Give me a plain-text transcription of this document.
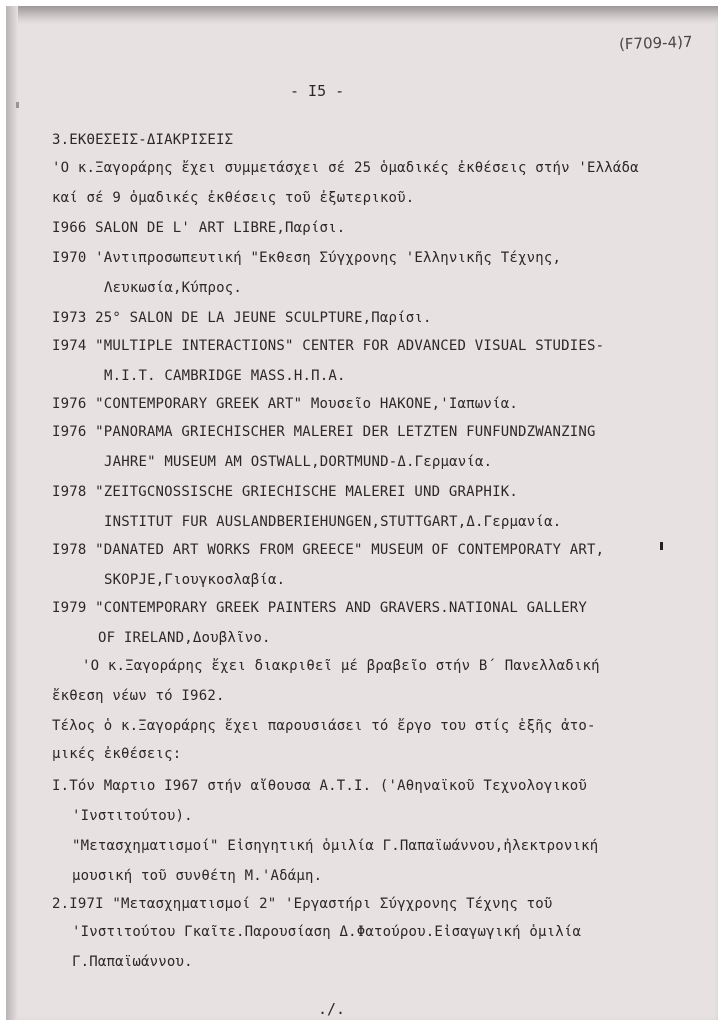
(F709-4)7
- I5 -
3.ΕΚΘΕΣΕΙΣ-ΔΙΑΚΡΙΣΕΙΣ
'Ο κ.Ξαγοράρης ἔχει συμμετάσχει σέ 25 ὁμαδικές ἐκθέσεις στήν 'Ελλάδα
καί σέ 9 ὁμαδικές ἐκθέσεις τοῦ ἐξωτερικοῦ.
I966 SALON DE L' ART LIBRE,Παρίσι.
I970 'Αντιπροσωπευτική "Εκθεση Σύγχρονης 'Ελληνικῆς Τέχνης,
Λευκωσία,Κύπρος.
I973 25° SALON DE LA JEUNE SCULPTURE,Παρίσι.
I974 "MULTIPLE INTERACTIONS" CENTER FOR ADVANCED VISUAL STUDIES-
M.I.T. CAMBRIDGE MASS.Η.Π.Α.
I976 "CONTEMPORARY GREEK ART" Μουσεῖο HAKONE,'Ιαπωνία.
I976 "PANORAMA GRIECHISCHER MALEREI DER LETZTEN FUNFUNDZWANZING
JAHRE" MUSEUM AM OSTWALL,DORTMUND-Δ.Γερμανία.
I978 "ZEITGCNOSSISCHE GRIECHISCHE MALEREI UND GRAPHIK.
INSTITUT FUR AUSLANDBERIEHUNGEN,STUTTGART,Δ.Γερμανία.
I978 "DANATED ART WORKS FROM GREECE" MUSEUM OF CONTEMPORATY ART,
SKOPJE,Γιουγκοσλαβία.
I979 "CONTEMPORARY GREEK PAINTERS AND GRAVERS.NATIONAL GALLERY
OF IRELAND,Δουβλῖνο.
'Ο κ.Ξαγοράρης ἔχει διακριθεῖ μέ βραβεῖο στήν Β΄ Πανελλαδική
ἔκθεση νέων τό I962.
Τέλος ὁ κ.Ξαγοράρης ἔχει παρουσιάσει τό ἔργο του στίς ἑξῆς ἀτο-
μικές ἐκθέσεις:
I.Τόν Μαρτιο I967 στήν αἴθουσα Α.Τ.Ι. ('Αθηναϊκοῦ Τεχνολογικοῦ
'Ινστιτούτου).
"Μετασχηματισμοί" Εἰσηγητική ὁμιλία Γ.Παπαϊωάννου,ἠλεκτρονική
μουσική τοῦ συνθέτη Μ.'Αδάμη.
2.I97I "Μετασχηματισμοί 2" 'Εργαστήρι Σύγχρονης Τέχνης τοῦ
'Ινστιτούτου Γκαῖτε.Παρουσίαση Δ.Φατούρου.Εἰσαγωγική ὁμιλία
Γ.Παπαϊωάννου.
./.
